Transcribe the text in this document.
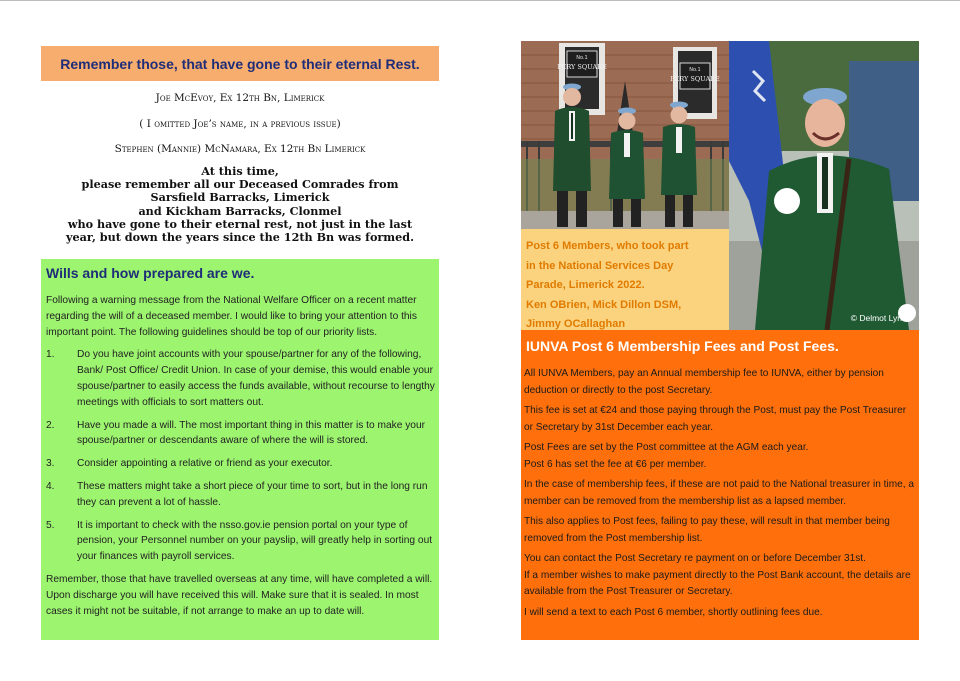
Remember those, that have gone to their eternal Rest.

Joe McEvoy, Ex 12th Bn, Limerick

( I omitted Joe’s name, in a previous issue)

Stephen (Mannie) McNamara, Ex 12th Bn Limerick

At this time,
please remember all our Deceased Comrades from
Sarsfield Barracks, Limerick
and Kickham Barracks, Clonmel
who have gone to their eternal rest, not just in the last
year, but down the years since the 12th Bn was formed.
Wills and how prepared are we.

Following a warning message from the National Welfare Officer on a recent matter regarding the will of a deceased member. I would like to bring your attention to this important point. The following guidelines should be top of our priority lists.

1. Do you have joint accounts with your spouse/partner for any of the following, Bank/ Post Office/ Credit Union. In case of your demise, this would enable your spouse/partner to easily access the funds available, without recourse to lengthy meetings with officials to sort matters out.
2. Have you made a will. The most important thing in this matter is to make your spouse/partner or descendants aware of where the will is stored.
3. Consider appointing a relative or friend as your executor.
4. These matters might take a short piece of your time to sort, but in the long run they can prevent a lot of hassle.
5. It is important to check with the nsso.gov.ie pension portal on your type of pension, your Personnel number on your payslip, will greatly help in sorting out your finances with payroll services.

Remember, those that have travelled overseas at any time, will have completed a will. Upon discharge you will have received this will. Make sure that it is sealed. In most cases it might not be suitable, if not arrange to make an up to date will.

No.1
PERY SQUARE	No.1
PERY SQUARE
© Delmot Lynch
Post 6 Members, who took part
in the National Services Day
Parade, Limerick 2022.
Ken OBrien, Mick Dillon DSM,
Jimmy OCallaghan
IUNVA Post 6 Membership Fees and Post Fees.

All IUNVA Members, pay an Annual membership fee to IUNVA, either by pension deduction or directly to the post Secretary.

This fee is set at €24 and those paying through the Post, must pay the Post Treasurer or Secretary by 31st December each year.

Post Fees are set by the Post committee at the AGM each year.

Post 6 has set the fee at €6 per member.

In the case of membership fees, if these are not paid to the National treasurer in time, a member can be removed from the membership list as a lapsed member.

This also applies to Post fees, failing to pay these, will result in that member being removed from the Post membership list.

You can contact the Post Secretary re payment on or before December 31st.

If a member wishes to make payment directly to the Post Bank account, the details are available from the Post Treasurer or Secretary.

I will send a text to each Post 6 member, shortly outlining fees due.
